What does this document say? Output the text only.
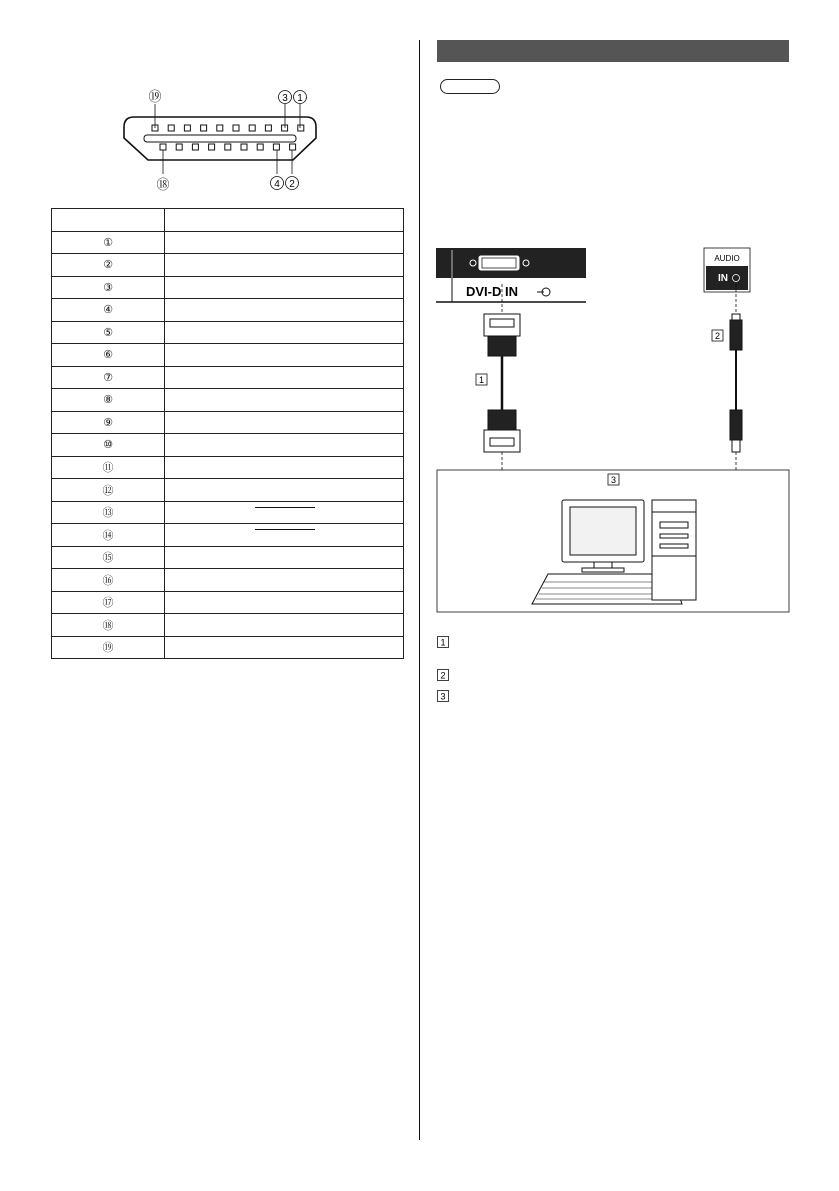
⑲	3 1
⑱	4 2

①	
②	
③	
④	
⑤	
⑥	
⑦	
⑧	
⑨	
⑩	
⑪	
⑫	
⑬	

⑭	

⑮	
⑯	
⑰	
⑱	
⑲	
DVI-D IN
AUDIO
IN
1
2
3
1
2
3
